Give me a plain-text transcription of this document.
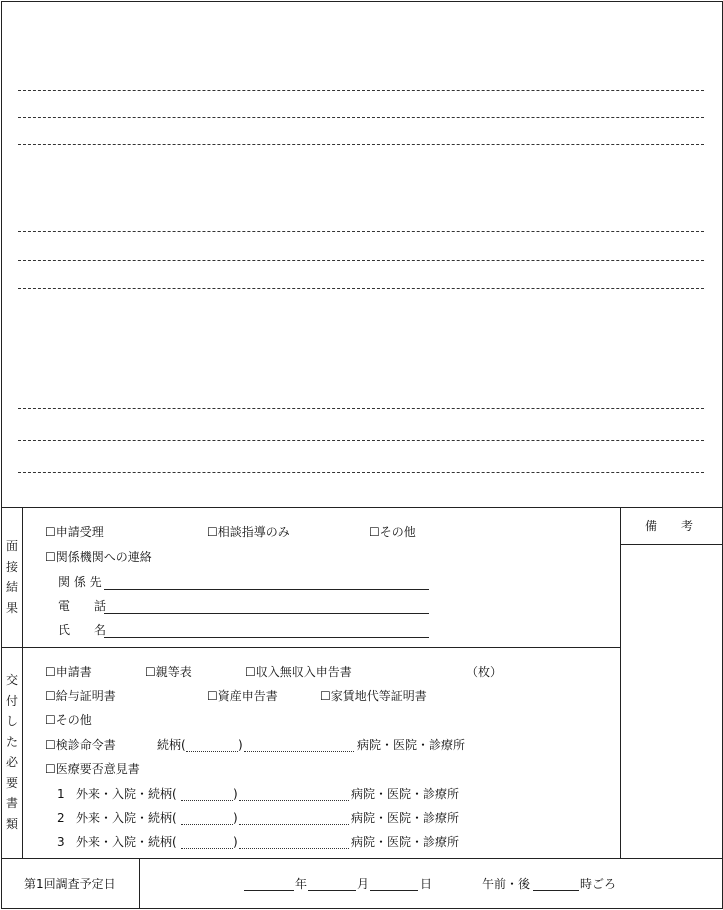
面
接
結
果
☐ 申請受理	☐ 相談指導のみ	☐ その他
☐ 関係機関への連絡
関 係 先
電　　話
氏　　名
備　　考
交
付
し
た
必
要
書
類
☐ 申請書	☐ 親等表	☐ 収入無収入申告書	（枚）
☐ 給与証明書	☐ 資産申告書	☐ 家賃地代等証明書
☐ その他
☐ 検診命令書	続柄(	)	病院・医院・診療所
☐ 医療要否意見書
1 外来・入院・続柄(	)	病院・医院・診療所
2 外来・入院・続柄(	)	病院・医院・診療所
3 外来・入院・続柄(	)	病院・医院・診療所
第1回調査予定日	年	月	日	午前・後	時ごろ
